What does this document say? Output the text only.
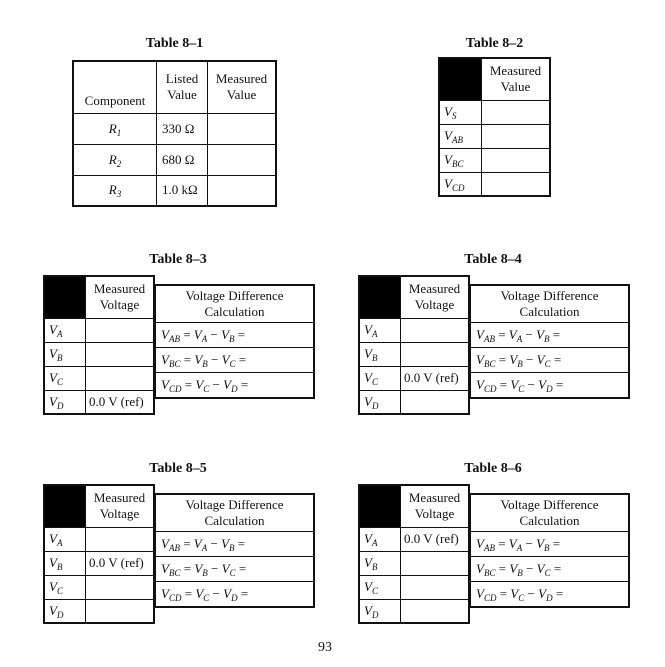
Table 8–1
Component	Listed Value	Measured Value
$R_1$	330 Ω	
$R_2$	680 Ω	
$R_3$	1.0 kΩ	
Table 8–2
	Measured Value
$V_S$	
$V_{AB}$	
$V_{BC}$	
$V_{CD}$	
Table 8–3
	Measured Voltage
$V_A$	
$V_B$	
$V_C$	
$V_D$	0.0 V (ref)
Voltage Difference Calculation
$V_{AB} = V_A - V_B$ =
$V_{BC} = V_B - V_C$ =
$V_{CD} = V_C - V_D$ =
Table 8–4
	Measured Voltage
$V_A$	
$V_B$	
$V_C$	0.0 V (ref)
$V_D$	
Voltage Difference Calculation
$V_{AB} = V_A - V_B$ =
$V_{BC} = V_B - V_C$ =
$V_{CD} = V_C - V_D$ =
Table 8–5
	Measured Voltage
$V_A$	
$V_B$	0.0 V (ref)
$V_C$	
$V_D$	
Voltage Difference Calculation
$V_{AB} = V_A - V_B$ =
$V_{BC} = V_B - V_C$ =
$V_{CD} = V_C - V_D$ =
Table 8–6
	Measured Voltage
$V_A$	0.0 V (ref)
$V_B$	
$V_C$	
$V_D$	
Voltage Difference Calculation
$V_{AB} = V_A - V_B$ =
$V_{BC} = V_B - V_C$ =
$V_{CD} = V_C - V_D$ =
93
